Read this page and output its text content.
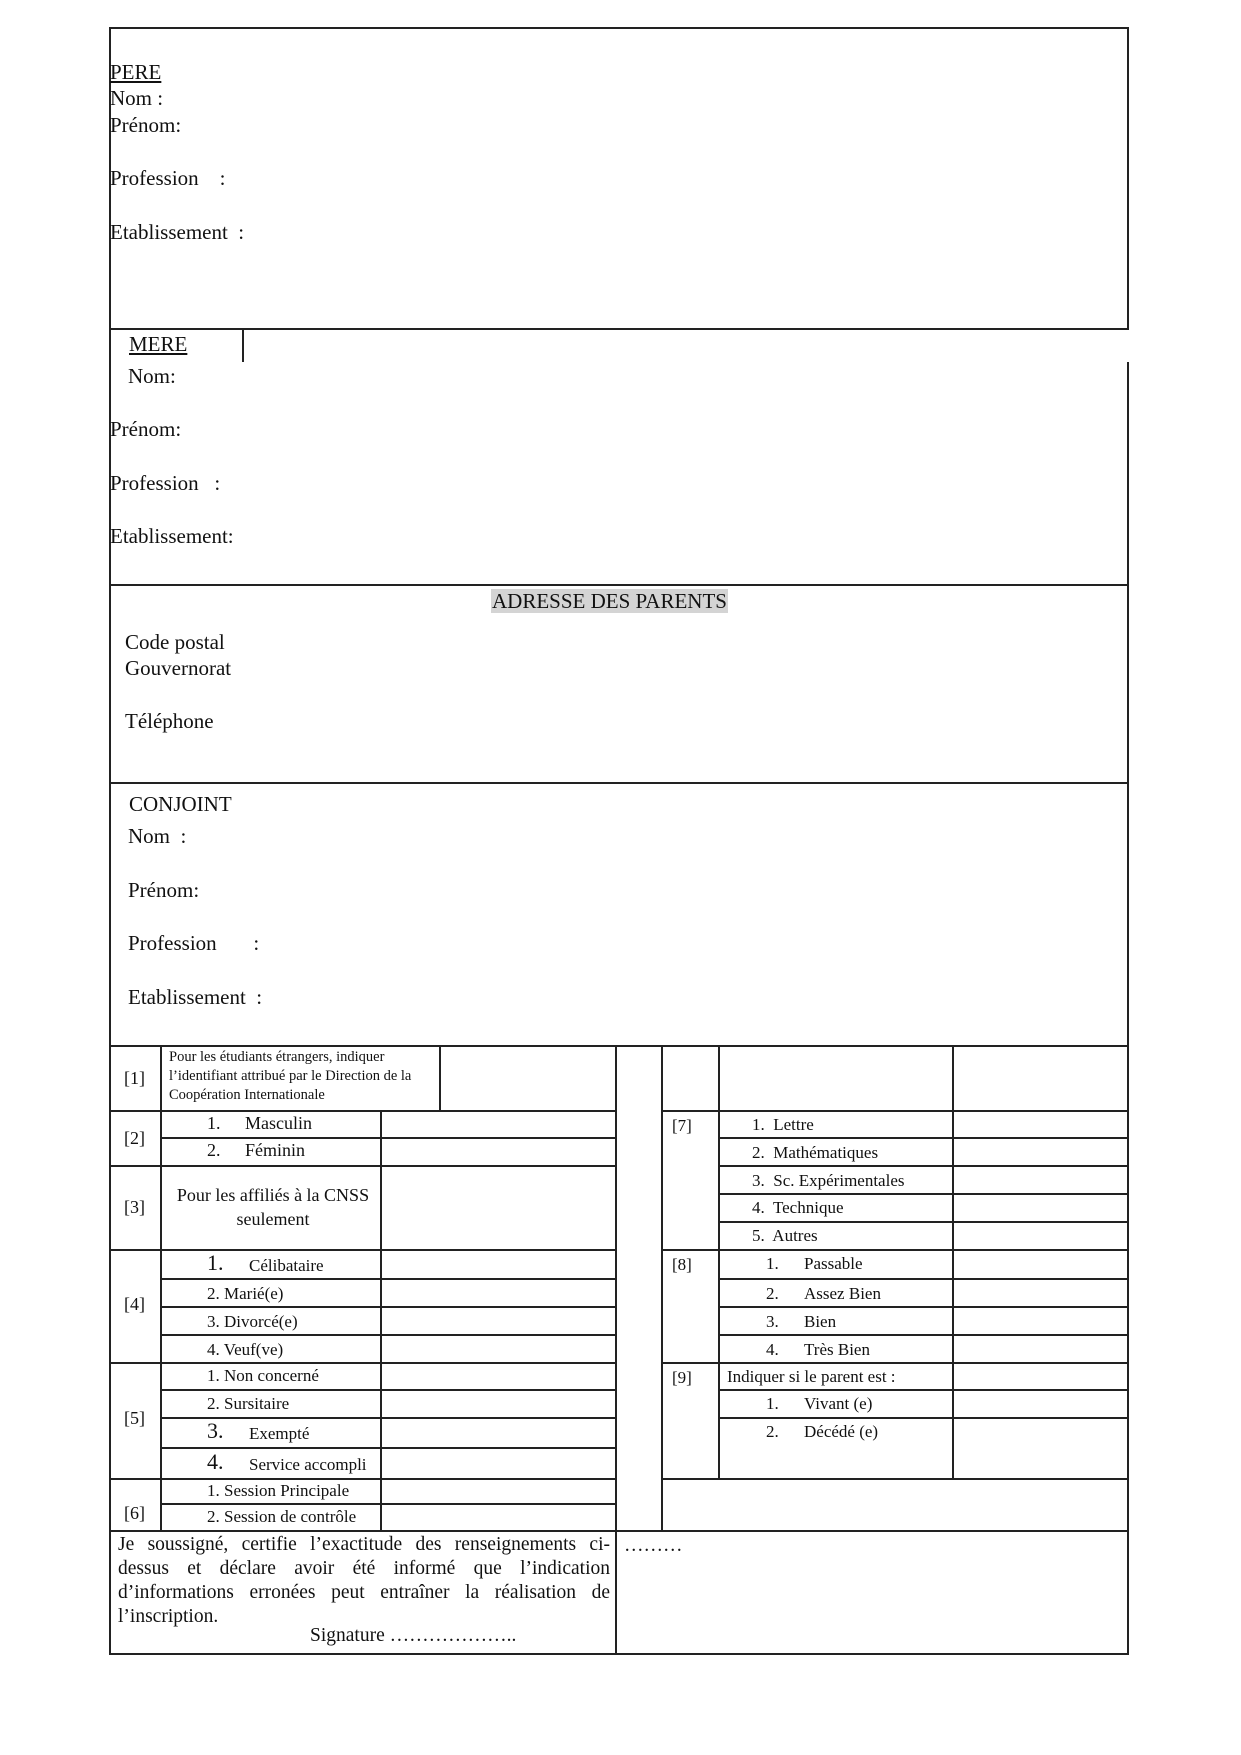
PERE
Nom :
Prénom:
Profession    :
Etablissement  :
MERE
Nom:
Prénom:
Profession   :
Etablissement:
ADRESSE DES PARENTS
Code postal
Gouvernorat
Téléphone
CONJOINT
Nom  :
Prénom:
Profession       :
Etablissement  :
[1]
Pour les étudiants étrangers, indiquer l’identifiant attribué par le Direction de la Coopération Internationale
[2]
1. Masculin
2. Féminin
[3]
Pour les affiliés à la CNSS seulement
[4]
1. Célibataire
2. Marié(e)
3. Divorcé(e)
4. Veuf(ve)
[5]
1. Non concerné
2. Sursitaire
3. Exempté
4. Service accompli
[6]
1. Session Principale
2. Session de contrôle
[7]	1.  Lettre
2.  Mathématiques
3.  Sc. Expérimentales
4.  Technique
5.  Autres
[8]	1. Passable
2. Assez Bien
3. Bien
4. Très Bien
[9] Indiquer si le parent est :
1. Vivant (e)
2. Décédé (e)
Je soussigné, certifie l’exactitude des renseignements ci-dessus et déclare avoir été informé que l’indication d’informations erronées peut entraîner la réalisation de l’inscription.
Signature ………………..
………
